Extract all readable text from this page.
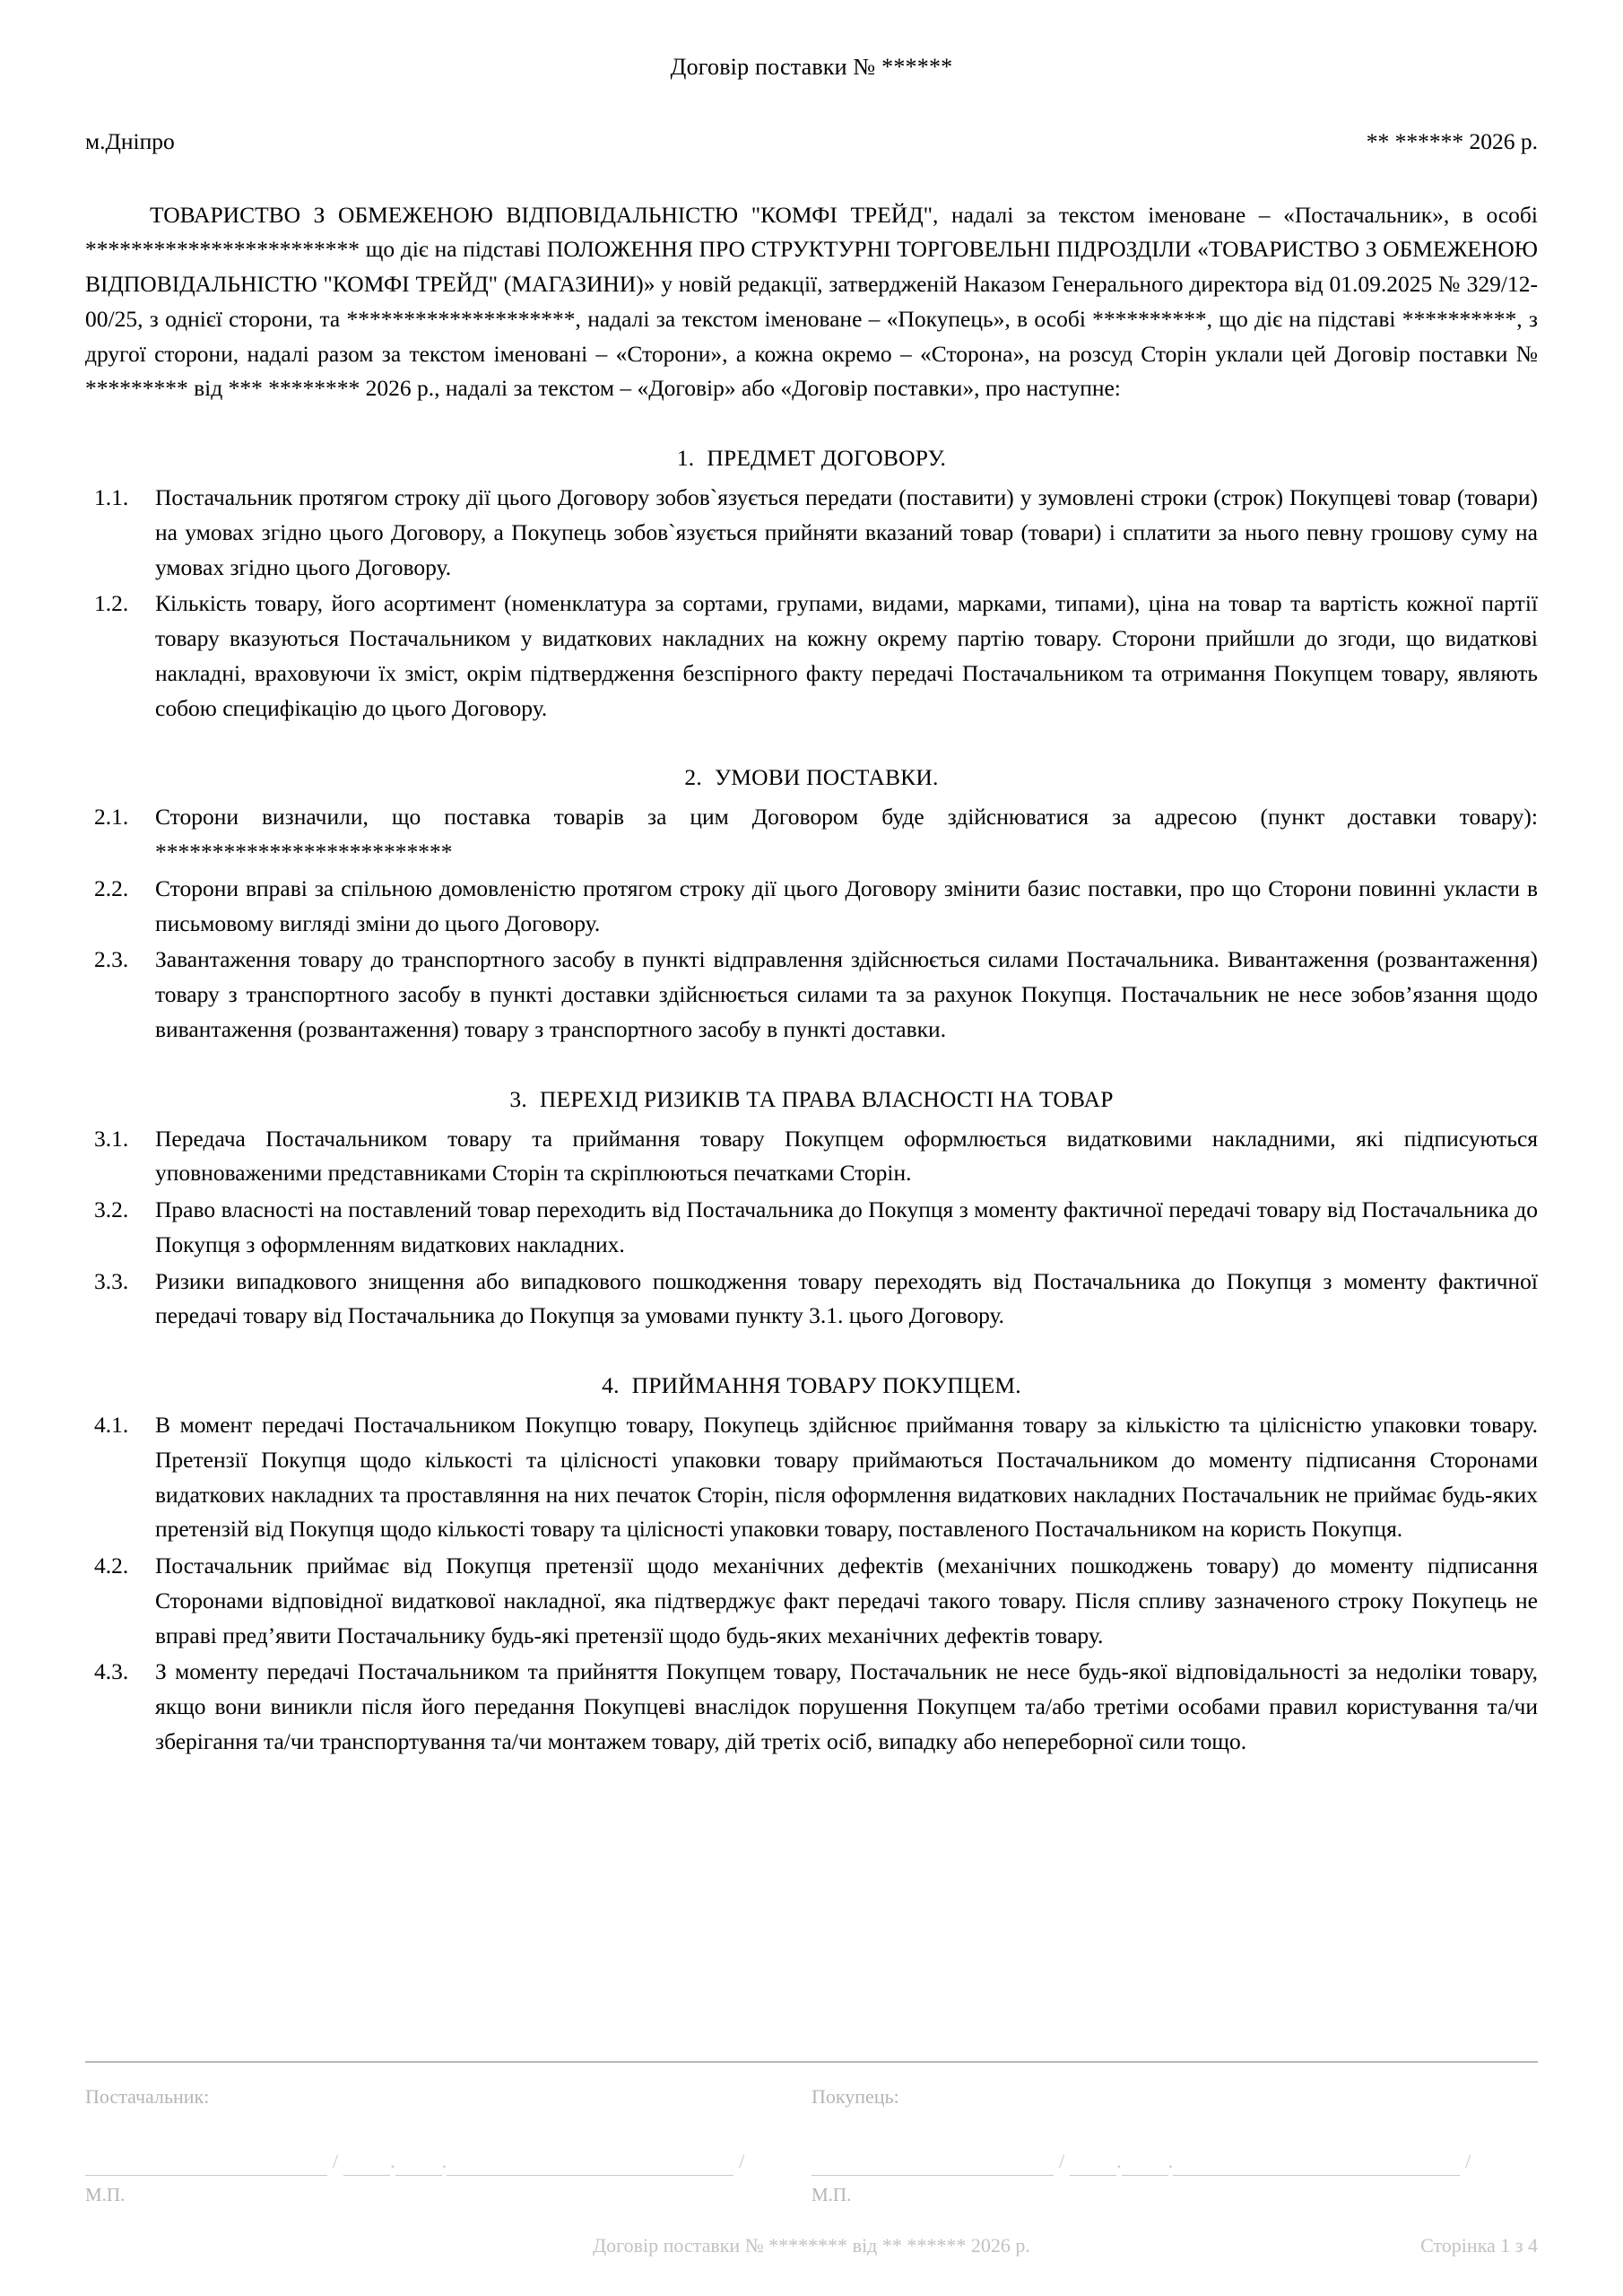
Договір поставки № ******
м.Дніпро	** ****** 2026 р.
ТОВАРИСТВО З ОБМЕЖЕНОЮ ВІДПОВІДАЛЬНІСТЮ "КОМФІ ТРЕЙД", надалі за текстом іменоване – «Постачальник», в особі ************************ що діє на підставі ПОЛОЖЕННЯ ПРО СТРУКТУРНІ ТОРГОВЕЛЬНІ ПІДРОЗДІЛИ «ТОВАРИСТВО З ОБМЕЖЕНОЮ ВІДПОВІДАЛЬНІСТЮ "КОМФІ ТРЕЙД" (МАГАЗИНИ)» у новій редакції, затвердженій Наказом Генерального директора від 01.09.2025 № 329/12-00/25, з однієї сторони, та ********************, надалі за текстом іменоване – «Покупець», в особі **********, що діє на підставі **********, з другої сторони, надалі разом за текстом іменовані – «Сторони», а кожна окремо – «Сторона», на розсуд Сторін уклали цей Договір поставки № ********* від *** ******** 2026 р., надалі за текстом – «Договір» або «Договір поставки», про наступне:
1. ПРЕДМЕТ ДОГОВОРУ.
1.1.	Постачальник протягом строку дії цього Договору зобов`язується передати (поставити) у зумовлені строки (строк) Покупцеві товар (товари) на умовах згідно цього Договору, а Покупець зобов`язується прийняти вказаний товар (товари) і сплатити за нього певну грошову суму на умовах згідно цього Договору.
1.2.	Кількість товару, його асортимент (номенклатура за сортами, групами, видами, марками, типами), ціна на товар та вартість кожної партії товару вказуються Постачальником у видаткових накладних на кожну окрему партію товару. Сторони прийшли до згоди, що видаткові накладні, враховуючи їх зміст, окрім підтвердження безспірного факту передачі Постачальником та отримання Покупцем товару, являють собою специфікацію до цього Договору.
2. УМОВИ ПОСТАВКИ.
2.1.	Сторони визначили, що поставка товарів за цим Договором буде здійснюватися за адресою (пункт доставки товару): **************************
2.2.	Сторони вправі за спільною домовленістю протягом строку дії цього Договору змінити базис поставки, про що Сторони повинні укласти в письмовому вигляді зміни до цього Договору.
2.3.	Завантаження товару до транспортного засобу в пункті відправлення здійснюється силами Постачальника. Вивантаження (розвантаження) товару з транспортного засобу в пункті доставки здійснюється силами та за рахунок Покупця. Постачальник не несе зобов’язання щодо вивантаження (розвантаження) товару з транспортного засобу в пункті доставки.
3. ПЕРЕХІД РИЗИКІВ ТА ПРАВА ВЛАСНОСТІ НА ТОВАР
3.1.	Передача Постачальником товару та приймання товару Покупцем оформлюється видатковими накладними, які підписуються уповноваженими представниками Сторін та скріплюються печатками Сторін.
3.2.	Право власності на поставлений товар переходить від Постачальника до Покупця з моменту фактичної передачі товару від Постачальника до Покупця з оформленням видаткових накладних.
3.3.	Ризики випадкового знищення або випадкового пошкодження товару переходять від Постачальника до Покупця з моменту фактичної передачі товару від Постачальника до Покупця за умовами пункту 3.1. цього Договору.
4. ПРИЙМАННЯ ТОВАРУ ПОКУПЦЕМ.
4.1.	В момент передачі Постачальником Покупцю товару, Покупець здійснює приймання товару за кількістю та цілісністю упаковки товару. Претензії Покупця щодо кількості та цілісності упаковки товару приймаються Постачальником до моменту підписання Сторонами видаткових накладних та проставляння на них печаток Сторін, після оформлення видаткових накладних Постачальник не приймає будь-яких претензій від Покупця щодо кількості товару та цілісності упаковки товару, поставленого Постачальником на користь Покупця.
4.2.	Постачальник приймає від Покупця претензії щодо механічних дефектів (механічних пошкоджень товару) до моменту підписання Сторонами відповідної видаткової накладної, яка підтверджує факт передачі такого товару. Після спливу зазначеного строку Покупець не вправі пред’явити Постачальнику будь-які претензії щодо будь-яких механічних дефектів товару.
4.3.	З моменту передачі Постачальником та прийняття Покупцем товару, Постачальник не несе будь-якої відповідальності за недоліки товару, якщо вони виникли після його передання Покупцеві внаслідок порушення Покупцем та/або третіми особами правил користування та/чи зберігання та/чи транспортування та/чи монтажем товару, дій третіх осіб, випадку або непереборної сили тощо.
Постачальник:
/	. .	/
М.П.
Покупець:
/	. .	/
М.П.
Договір поставки № ******** від ** ****** 2026 р.	Сторінка 1 з 4
